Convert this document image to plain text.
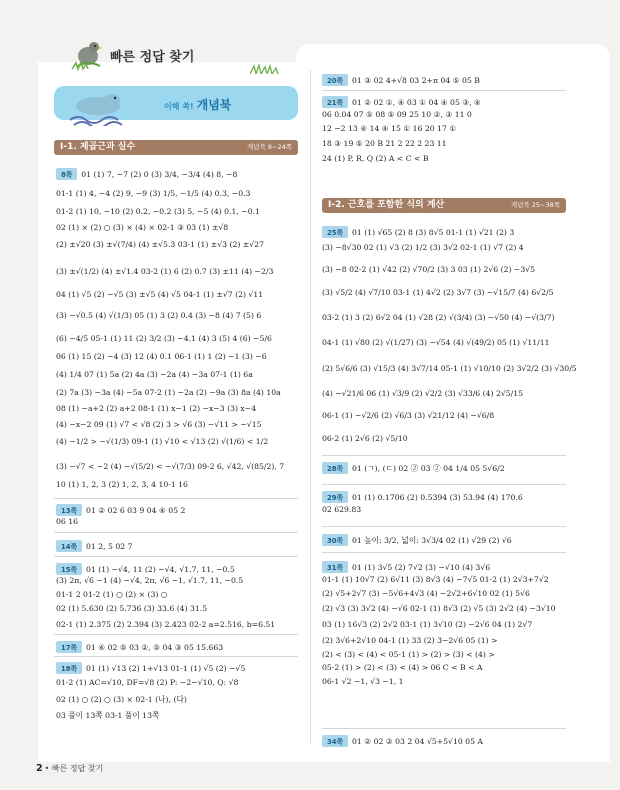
빠른 정답 찾기
이해 쏙! 개념북
Ⅰ-1. 제곱근과 실수	개념북 8~24쪽
Ⅰ-2. 근호를 포함한 식의 계산	개념북 25~38쪽
8쪽 01 (1) 7, −7 (2) 0 (3) 3/4, −3/4 (4) 8, −8
01-1 (1) 4, −4 (2) 9, −9 (3) 1/5, −1/5 (4) 0.3, −0.3
01-2 (1) 10, −10 (2) 0.2, −0.2 (3) 5, −5 (4) 0.1, −0.1
02 (1) × (2) ○ (3) × (4) × 02-1 ③ 03 (1) ±√8
(2) ±√20 (3) ±√(7/4) (4) ±√5.3 03-1 (1) ±√3 (2) ±√27
(3) ±√(1/2) (4) ±√1.4 03-2 (1) 6 (2) 0.7 (3) ±11 (4) −2/3
04 (1) √5 (2) −√5 (3) ±√5 (4) √5 04-1 (1) ±√7 (2) √11
(3) −√0.5 (4) √(1/3) 05 (1) 3 (2) 0.4 (3) −8 (4) 7 (5) 6
(6) −4/5 05-1 (1) 11 (2) 3/2 (3) −4.1 (4) 3 (5) 4 (6) −5/6
06 (1) 15 (2) −4 (3) 12 (4) 0.1 06-1 (1) 1 (2) −1 (3) −6
(4) 1/4 07 (1) 5a (2) 4a (3) −2a (4) −3a 07-1 (1) 6a
(2) 7a (3) −3a (4) −5a 07-2 (1) −2a (2) −9a (3) 8a (4) 10a
08 (1) −a+2 (2) a+2 08-1 (1) x−1 (2) −x−3 (3) x−4
(4) −x−2 09 (1) √7 < √8 (2) 3 > √6 (3) −√11 > −√15
(4) −1/2 > −√(1/3) 09-1 (1) √10 < √13 (2) √(1/6) < 1/2
(3) −√7 < −2 (4) −√(5/2) < −√(7/3) 09-2 6, √42, √(85/2), 7
10 (1) 1, 2, 3 (2) 1, 2, 3, 4 10-1 16
13쪽 01 ② 02 6 03 9 04 ④ 05 2
06 16
14쪽 01 2, 5 02 7
15쪽 01 (1) −√4, 11 (2) −√4, √1.7, 11, −0.5
(3) 2π, √6 −1 (4) −√4, 2π, √6 −1, √1.7, 11, −0.5
01-1 2 01-2 (1) ○ (2) × (3) ○
02 (1) 5.630 (2) 5.736 (3) 33.6 (4) 31.5
02-1 (1) 2.375 (2) 2.394 (3) 2.423 02-2 a=2.516, b=6.51
17쪽 01 ④ 02 ⑤ 03 ②, ⑤ 04 ③ 05 15.663
18쪽 01 (1) √13 (2) 1+√13 01-1 (1) √5 (2) −√5
01-2 (1) AC=√10, DF=√8 (2) P: −2−√10, Q: √8
02 (1) ○ (2) ○ (3) × 02-1 (나), (다)
03 풀이 13쪽 03-1 풀이 13쪽
20쪽 01 ③ 02 4+√8 03 2+π 04 ⑤ 05 B
21쪽 01 ② 02 ①, ④ 03 ① 04 ④ 05 ③, ④
06 0.04 07 ⑤ 08 ⑤ 09 25 10 ②, ③ 11 0
12 −2 13 ④ 14 ④ 15 ① 16 20 17 ①
18 ③ 19 ⑤ 20 B 21 2 22 2 23 11
24 (1) P, R, Q (2) A < C < B
25쪽 01 (1) √65 (2) 8 (3) 8√5 01-1 (1) √21 (2) 3
(3) −8√30 02 (1) √3 (2) 1/2 (3) 3√2 02-1 (1) √7 (2) 4
(3) −8 02-2 (1) √42 (2) √70/2 (3) 3 03 (1) 2√6 (2) −3√5
(3) √5/2 (4) √7/10 03-1 (1) 4√2 (2) 3√7 (3) −√15/7 (4) 6√2/5
03-2 (1) 3 (2) 6√2 04 (1) √28 (2) √(3/4) (3) −√50 (4) −√(3/7)
04-1 (1) √80 (2) √(1/27) (3) −√54 (4) √(49/2) 05 (1) √11/11
(2) 5√6/6 (3) √15/3 (4) 3√7/14 05-1 (1) √10/10 (2) 3√2/2 (3) √30/5
(4) −√21/6 06 (1) √3/9 (2) √2/2 (3) √33/6 (4) 2√5/15
06-1 (1) −√2/6 (2) √6/3 (3) √21/12 (4) −√6/8
06-2 (1) 2√6 (2) √5/10
28쪽 01 (ㄱ), (ㄷ) 02 ② 03 ② 04 1/4 05 5√6/2
29쪽 01 (1) 0.1706 (2) 0.5394 (3) 53.94 (4) 170.6
02 629.83
30쪽 01 높이: 3/2, 넓이: 3√3/4 02 (1) √29 (2) √6
31쪽 01 (1) 3√5 (2) 7√2 (3) −√10 (4) 3√6
01-1 (1) 10√7 (2) 6√11 (3) 8√3 (4) −7√5 01-2 (1) 2√3+7√2
(2) √5+2√7 (3) −5√6+4√3 (4) −2√2+6√10 02 (1) 5√6
(2) √3 (3) 3√2 (4) −√6 02-1 (1) 8√3 (2) √5 (3) 2√2 (4) −3√10
03 (1) 16√3 (2) 2√2 03-1 (1) 3√10 (2) −2√6 04 (1) 2√7
(2) 3√6+2√10 04-1 (1) 33 (2) 3−2√6 05 (1) >
(2) < (3) < (4) < 05-1 (1) > (2) > (3) < (4) >
05-2 (1) > (2) < (3) < (4) > 06 C < B < A
06-1 √2 −1, √3 −1, 1
34쪽 01 ② 02 ② 03 2 04 √5+5√10 05 A
2 • 빠른 정답 찾기
